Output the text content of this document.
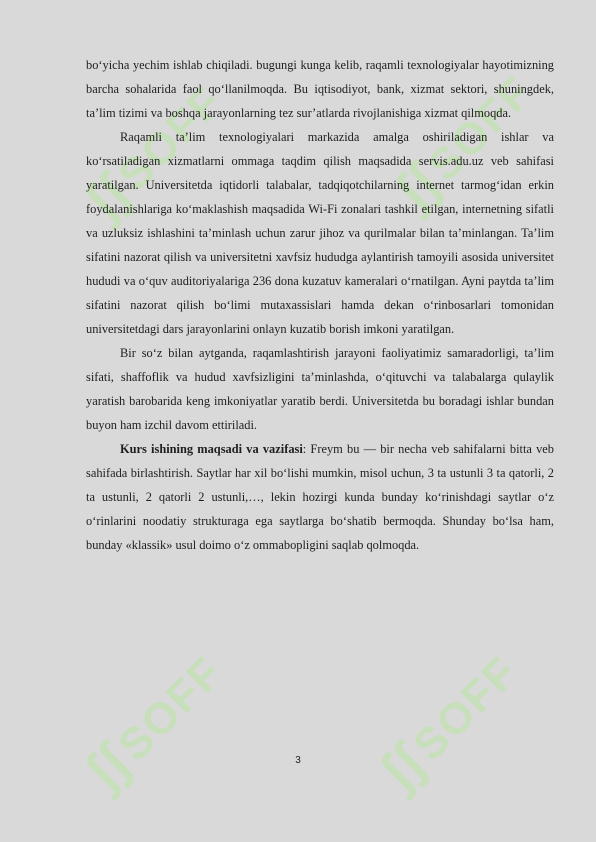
ʃʃSOFF	ʃʃSOFF
ʃʃSOFF	ʃʃSOFF

bo‘yicha yechim ishlab chiqiladi. bugungi kunga kelib, raqamli texnologiyalar hayotimizning barcha sohalarida faol qo‘llanilmoqda. Bu iqtisodiyot, bank, xizmat sektori, shuningdek, ta’lim tizimi va boshqa jarayonlarning tez sur’atlarda rivojlanishiga xizmat qilmoqda.

Raqamli ta’lim texnologiyalari markazida amalga oshiriladigan ishlar va ko‘rsatiladigan xizmatlarni ommaga taqdim qilish maqsadida servis.adu.uz veb sahifasi yaratilgan. Universitetda iqtidorli talabalar, tadqiqotchilarning internet tarmog‘idan erkin foydalanishlariga ko‘maklashish maqsadida Wi-Fi zonalari tashkil etilgan, internetning sifatli va uzluksiz ishlashini ta’minlash uchun zarur jihoz va qurilmalar bilan ta’minlangan. Ta’lim sifatini nazorat qilish va universitetni xavfsiz hududga aylantirish tamoyili asosida universitet hududi va o‘quv auditoriyalariga 236 dona kuzatuv kameralari o‘rnatilgan. Ayni paytda ta’lim sifatini nazorat qilish bo‘limi mutaxassislari hamda dekan o‘rinbosarlari tomonidan universitetdagi dars jarayonlarini onlayn kuzatib borish imkoni yaratilgan.

Bir so‘z bilan aytganda, raqamlashtirish jarayoni faoliyatimiz samaradorligi, ta’lim sifati, shaffoflik va hudud xavfsizligini ta’minlashda, o‘qituvchi va talabalarga qulaylik yaratish barobarida keng imkoniyatlar yaratib berdi. Universitetda bu boradagi ishlar bundan buyon ham izchil davom ettiriladi.

Kurs ishining maqsadi va vazifasi: Freym bu — bir necha veb sahifalarni bitta veb sahifada birlashtirish. Saytlar har xil bo‘lishi mumkin, misol uchun, 3 ta ustunli 3 ta qatorli, 2 ta ustunli, 2 qatorli 2 ustunli,…, lekin hozirgi kunda bunday ko‘rinishdagi saytlar o‘z o‘rinlarini noodatiy strukturaga ega saytlarga bo‘shatib bermoqda. Shunday bo‘lsa ham, bunday «klassik» usul doimo o‘z ommabopligini saqlab qolmoqda.

3
